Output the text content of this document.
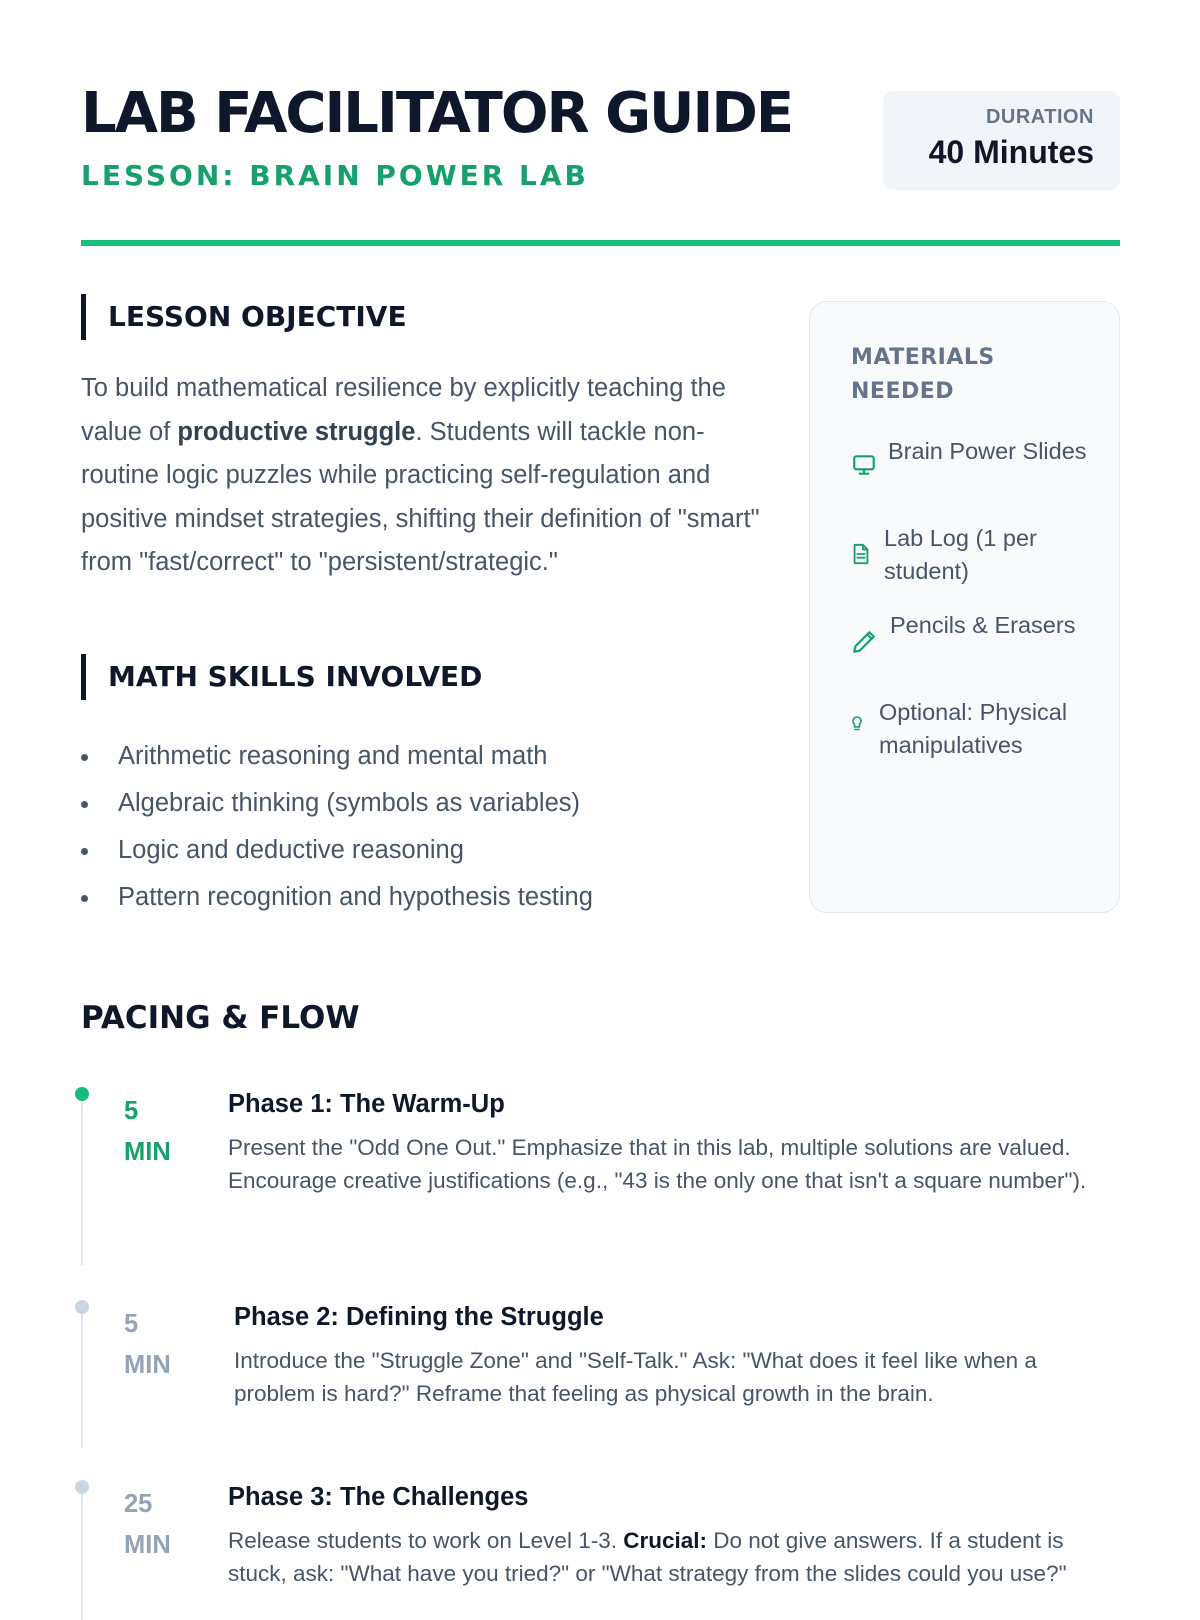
LAB FACILITATOR GUIDE
LESSON: BRAIN POWER LAB
DURATION
40 Minutes
LESSON OBJECTIVE

To build mathematical resilience by explicitly teaching the value of productive struggle. Students will tackle non-routine logic puzzles while practicing self-regulation and positive mindset strategies, shifting their definition of "smart" from "fast/correct" to "persistent/strategic."

MATH SKILLS INVOLVED
Arithmetic reasoning and mental math
Algebraic thinking (symbols as variables)
Logic and deductive reasoning
Pattern recognition and hypothesis testing
MATERIALS NEEDED
Brain Power Slides
Lab Log (1 per student)
Pencils & Erasers
Optional: Physical manipulatives
PACING & FLOW
5
MIN
Phase 1: The Warm-Up

Present the "Odd One Out." Emphasize that in this lab, multiple solutions are valued. Encourage creative justifications (e.g., "43 is the only one that isn't a square number").

5
MIN
Phase 2: Defining the Struggle

Introduce the "Struggle Zone" and "Self-Talk." Ask: "What does it feel like when a problem is hard?" Reframe that feeling as physical growth in the brain.

25
MIN
Phase 3: The Challenges

Release students to work on Level 1-3. Crucial: Do not give answers. If a student is stuck, ask: "What have you tried?" or "What strategy from the slides could you use?"
